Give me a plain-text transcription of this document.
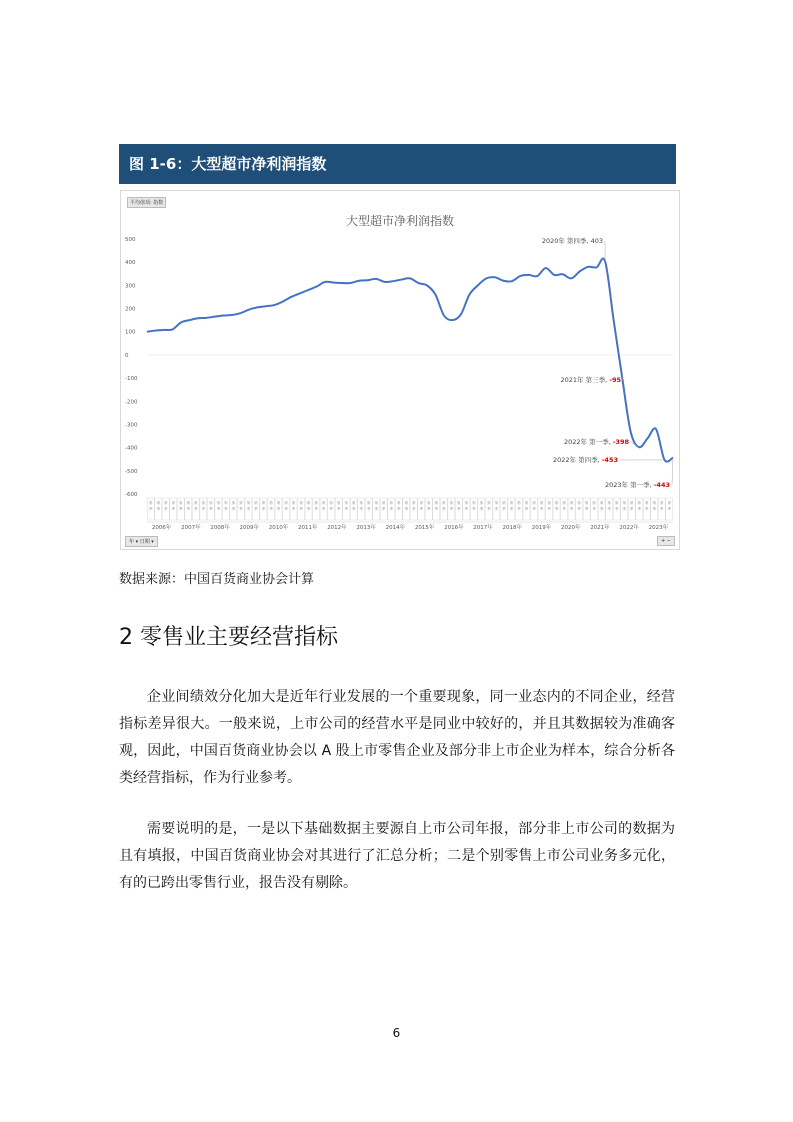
图 1-6：大型超市净利润指数
平均值项: 指数
大型超市净利润指数
500
400
300
200
100
0
-100
-200
-300
-400
-500
-600
第
季
第
季
第
季
第
季
第
季
第
季
第
季
第
季
第
季
第
季
第
季
第
季
第
季
第
季
第
季
第
季
第
季
第
季
第
季
第
季
第
季
第
季
第
季
第
季
第
季
第
季
第
季
第
季
第
季
第
季
第
季
第
季
第
季
第
季
第
季
第
季
第
季
第
季
第
季
第
季
第
季
第
季
第
季
第
季
第
季
第
季
第
季
第
季
第
季
第
季
第
季
第
季
第
季
第
季
第
季
第
季
第
季
第
季
第
季
第
季
第
季
第
季
第
季
第
季
第
季
第
季
第
季
第
季
第
季
第
季
2006年 2007年 2008年 2009年 2010年 2011年 2012年 2013年 2014年 2015年 2016年 2017年 2018年 2019年 2020年 2021年 2022年 2023年
2020年 第四季, 403
2021年 第三季, -95
2022年 第一季, -398
2022年 第四季, -453
2023年 第一季, -443
年 ▾ 日期 ▾	+ −
数据来源：中国百货商业协会计算
2 零售业主要经营指标

企业间绩效分化加大是近年行业发展的一个重要现象，同一业态内的不同企业，经营指标差异很大。一般来说，上市公司的经营水平是同业中较好的，并且其数据较为准确客观，因此，中国百货商业协会以 A 股上市零售企业及部分非上市企业为样本，综合分析各类经营指标，作为行业参考。

需要说明的是，一是以下基础数据主要源自上市公司年报，部分非上市公司的数据为且有填报，中国百货商业协会对其进行了汇总分析；二是个别零售上市公司业务多元化，有的已跨出零售行业，报告没有剔除。

6
